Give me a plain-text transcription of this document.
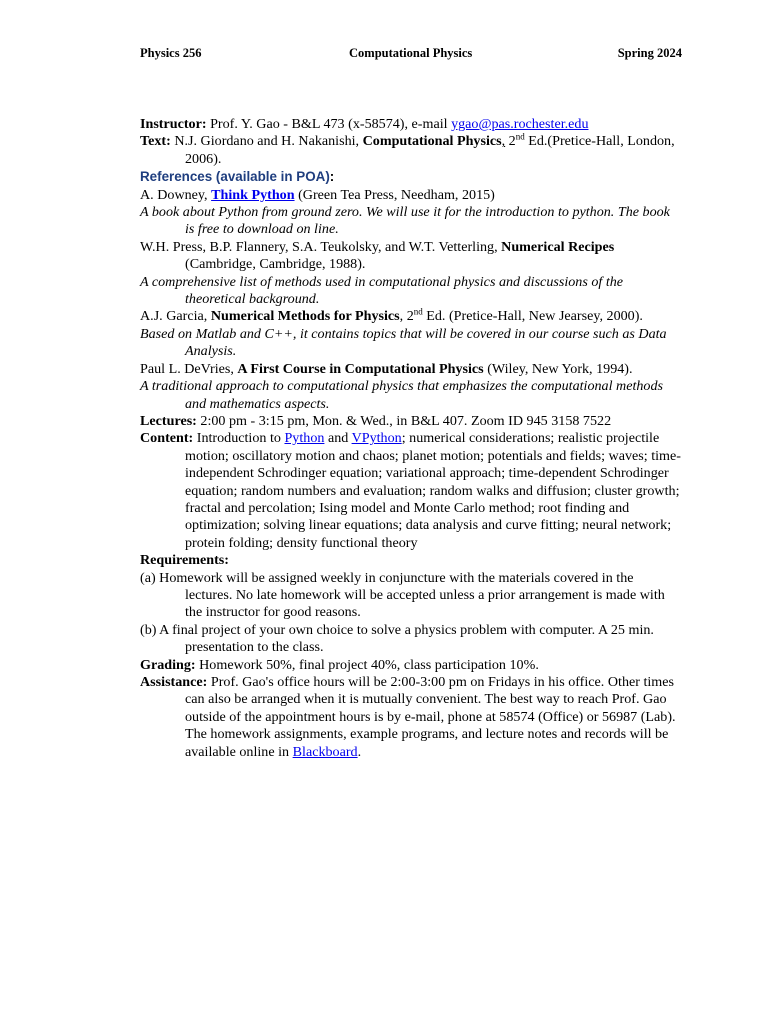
Physics 256	Computational Physics	Spring 2024

Instructor: Prof. Y. Gao - B&L 473 (x-58574), e-mail ygao@pas.rochester.edu

Text: N.J. Giordano and H. Nakanishi, Computational Physics, 2nd Ed.(Pretice-Hall, London, 2006).

References (available in POA):

A. Downey, Think Python (Green Tea Press, Needham, 2015)

A book about Python from ground zero. We will use it for the introduction to python. The book is free to download on line.

W.H. Press, B.P. Flannery, S.A. Teukolsky, and W.T. Vetterling, Numerical Recipes (Cambridge, Cambridge, 1988).

A comprehensive list of methods used in computational physics and discussions of the theoretical background.

A.J. Garcia, Numerical Methods for Physics, 2nd Ed. (Pretice-Hall, New Jearsey, 2000).

Based on Matlab and C++, it contains topics that will be covered in our course such as Data Analysis.

Paul L. DeVries, A First Course in Computational Physics (Wiley, New York, 1994).

A traditional approach to computational physics that emphasizes the computational methods and mathematics aspects.

Lectures: 2:00 pm - 3:15 pm, Mon. & Wed., in B&L 407. Zoom ID 945 3158 7522

Content: Introduction to Python and VPython; numerical considerations; realistic projectile motion; oscillatory motion and chaos; planet motion; potentials and fields; waves; time-independent Schrodinger equation; variational approach; time-dependent Schrodinger equation; random numbers and evaluation; random walks and diffusion; cluster growth; fractal and percolation; Ising model and Monte Carlo method; root finding and optimization; solving linear equations; data analysis and curve fitting; neural network; protein folding; density functional theory

Requirements:

(a) Homework will be assigned weekly in conjuncture with the materials covered in the lectures. No late homework will be accepted unless a prior arrangement is made with the instructor for good reasons.

(b) A final project of your own choice to solve a physics problem with computer. A 25 min. presentation to the class.

Grading: Homework 50%, final project 40%, class participation 10%.

Assistance: Prof. Gao's office hours will be 2:00-3:00 pm on Fridays in his office. Other times can also be arranged when it is mutually convenient. The best way to reach Prof. Gao outside of the appointment hours is by e-mail, phone at 58574 (Office) or 56987 (Lab). The homework assignments, example programs, and lecture notes and records will be available online in Blackboard.
